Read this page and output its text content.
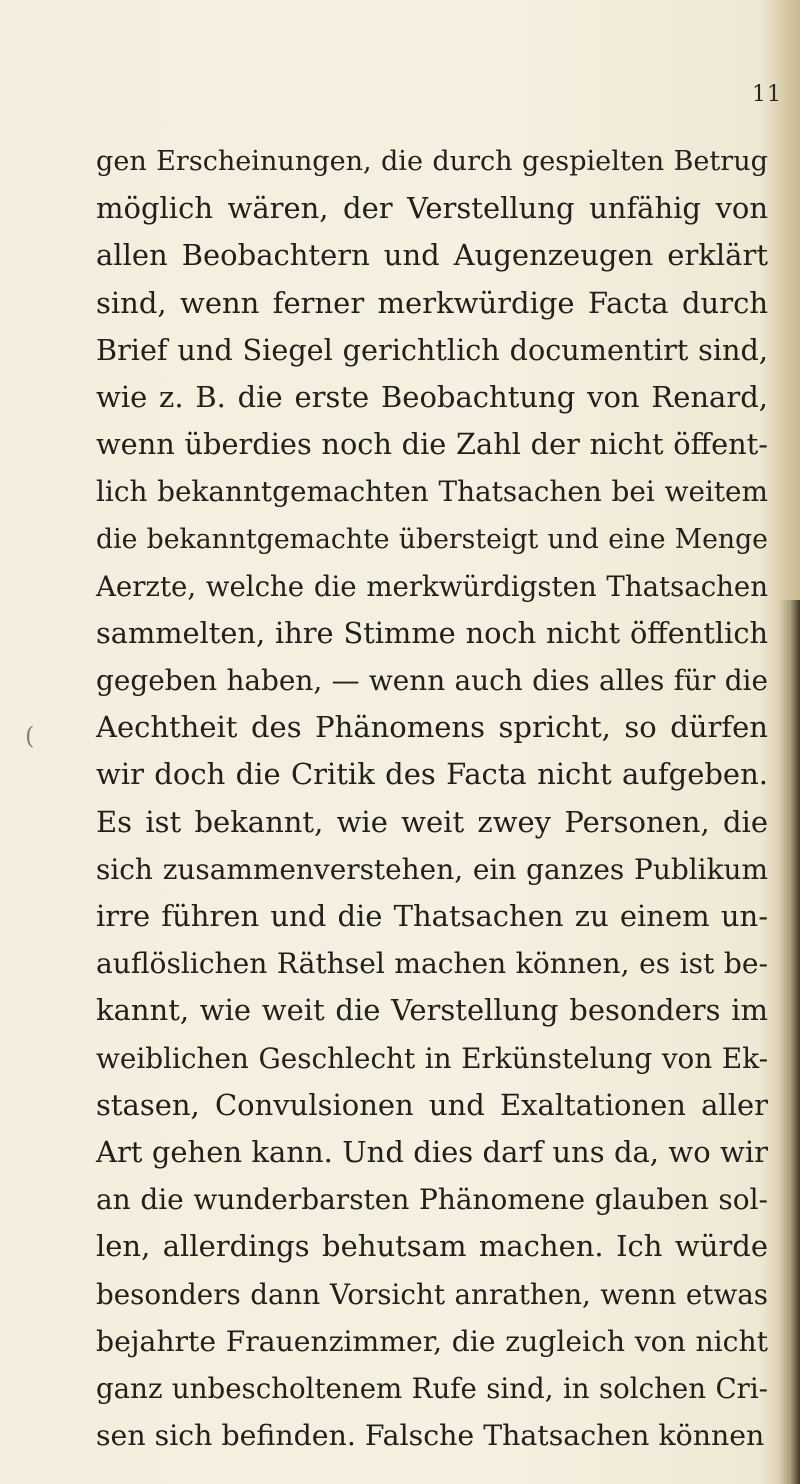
11
(
gen Erscheinungen, die durch gespielten Betrug
möglich wären, der Verstellung unfähig von
allen Beobachtern und Augenzeugen erklärt
sind, wenn ferner merkwürdige Facta durch
Brief und Siegel gerichtlich documentirt sind,
wie z. B. die erste Beobachtung von Renard,
wenn überdies noch die Zahl der nicht öffent-
lich bekanntgemachten Thatsachen bei weitem
die bekanntgemachte übersteigt und eine Menge
Aerzte, welche die merkwürdigsten Thatsachen
sammelten, ihre Stimme noch nicht öffentlich
gegeben haben, — wenn auch dies alles für die
Aechtheit des Phänomens spricht, so dürfen
wir doch die Critik des Facta nicht aufgeben.
Es ist bekannt, wie weit zwey Personen, die
sich zusammenverstehen, ein ganzes Publikum
irre führen und die Thatsachen zu einem un-
auflöslichen Räthsel machen können, es ist be-
kannt, wie weit die Verstellung besonders im
weiblichen Geschlecht in Erkünstelung von Ek-
stasen, Convulsionen und Exaltationen aller
Art gehen kann. Und dies darf uns da, wo wir
an die wunderbarsten Phänomene glauben sol-
len, allerdings behutsam machen. Ich würde
besonders dann Vorsicht anrathen, wenn etwas
bejahrte Frauenzimmer, die zugleich von nicht
ganz unbescholtenem Rufe sind, in solchen Cri-
sen sich befinden. Falsche Thatsachen können
